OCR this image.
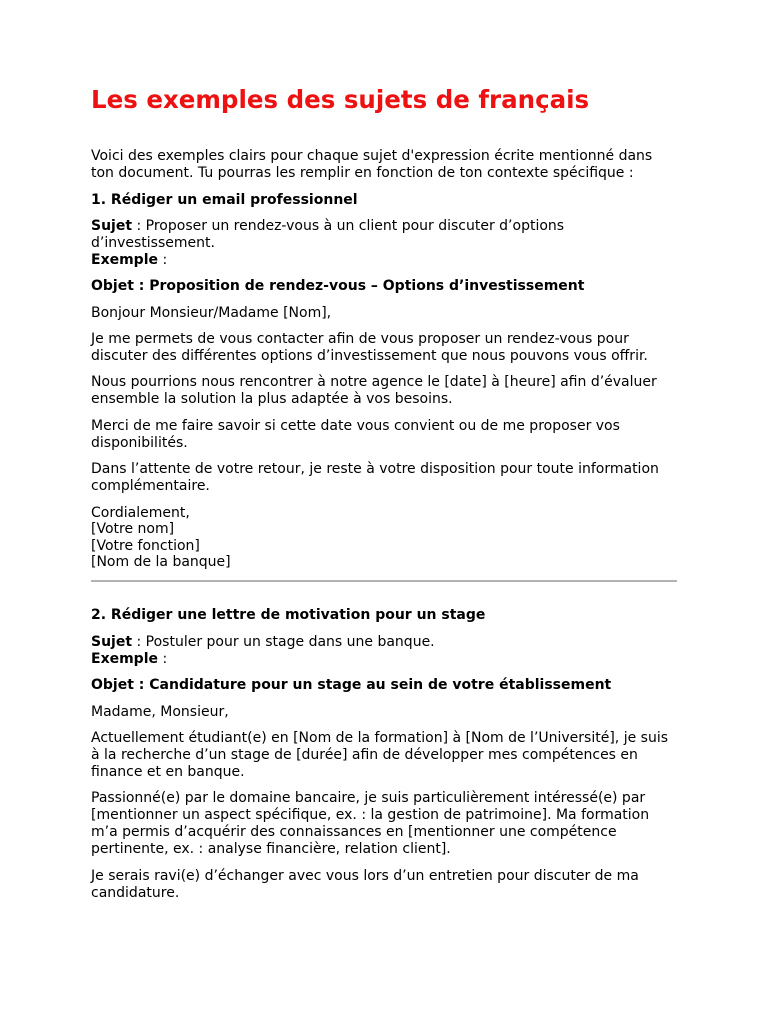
Les exemples des sujets de français

Voici des exemples clairs pour chaque sujet d'expression écrite mentionné dans

ton document. Tu pourras les remplir en fonction de ton contexte spécifique :

1. Rédiger un email professionnel

Sujet : Proposer un rendez-vous à un client pour discuter d’options

d’investissement.

Exemple :

Objet : Proposition de rendez-vous – Options d’investissement

Bonjour Monsieur/Madame [Nom],

Je me permets de vous contacter afin de vous proposer un rendez-vous pour

discuter des différentes options d’investissement que nous pouvons vous offrir.

Nous pourrions nous rencontrer à notre agence le [date] à [heure] afin d’évaluer

ensemble la solution la plus adaptée à vos besoins.

Merci de me faire savoir si cette date vous convient ou de me proposer vos

disponibilités.

Dans l’attente de votre retour, je reste à votre disposition pour toute information

complémentaire.

Cordialement,

[Votre nom]

[Votre fonction]

[Nom de la banque]

2. Rédiger une lettre de motivation pour un stage

Sujet : Postuler pour un stage dans une banque.

Exemple :

Objet : Candidature pour un stage au sein de votre établissement

Madame, Monsieur,

Actuellement étudiant(e) en [Nom de la formation] à [Nom de l’Université], je suis

à la recherche d’un stage de [durée] afin de développer mes compétences en

finance et en banque.

Passionné(e) par le domaine bancaire, je suis particulièrement intéressé(e) par

[mentionner un aspect spécifique, ex. : la gestion de patrimoine]. Ma formation

m’a permis d’acquérir des connaissances en [mentionner une compétence

pertinente, ex. : analyse financière, relation client].

Je serais ravi(e) d’échanger avec vous lors d’un entretien pour discuter de ma

candidature.
